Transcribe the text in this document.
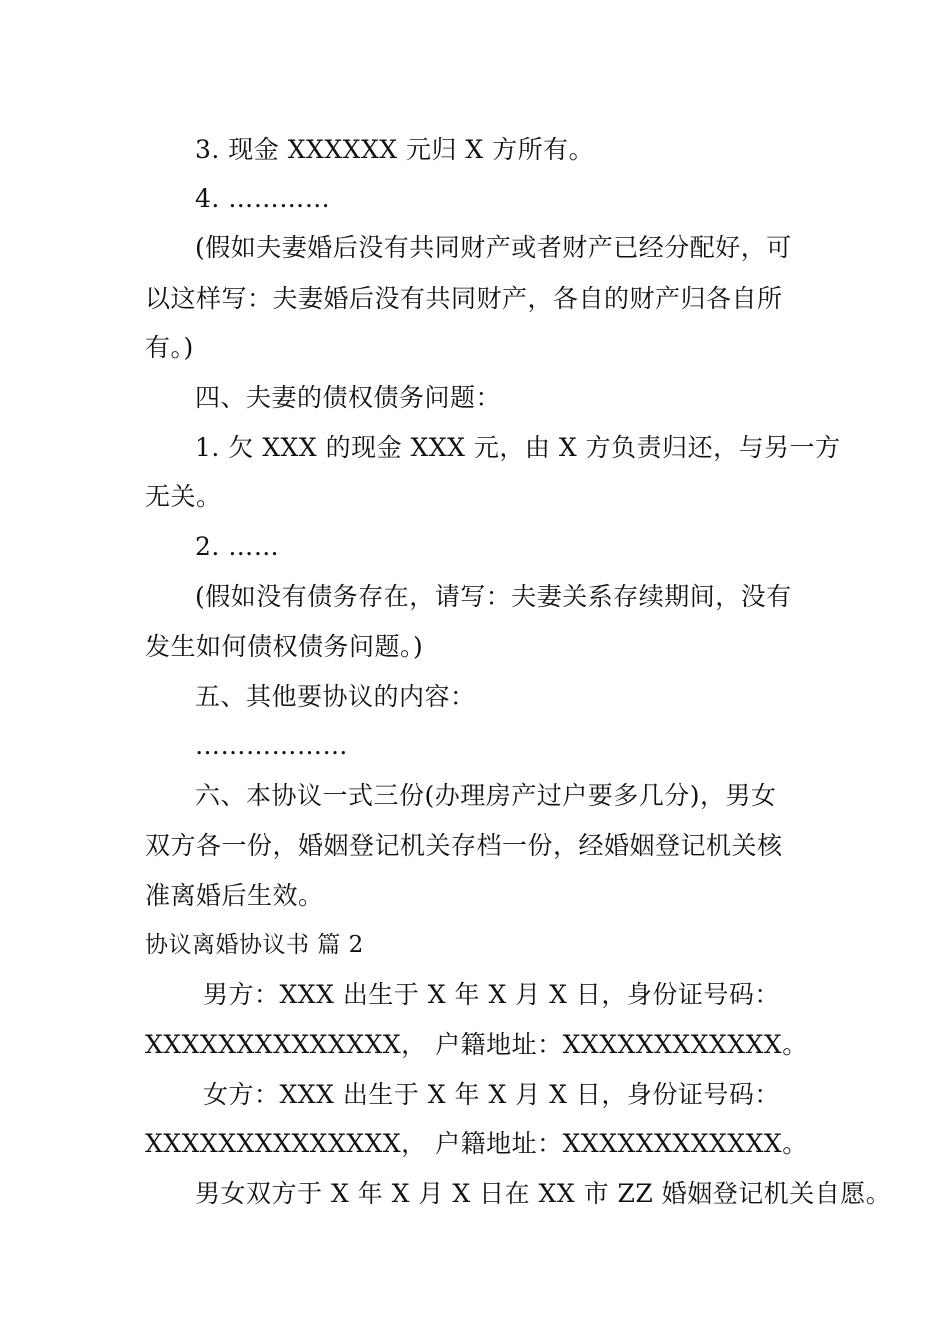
3. 现金 XXXXXX 元归 X 方所有。
4. …………
(假如夫妻婚后没有共同财产或者财产已经分配好，可
以这样写：夫妻婚后没有共同财产，各自的财产归各自所
有。)
四、夫妻的债权债务问题：
1. 欠 XXX 的现金 XXX 元，由 X 方负责归还，与另一方
无关。
2. ……
(假如没有债务存在，请写：夫妻关系存续期间，没有
发生如何债权债务问题。)
五、其他要协议的内容：
………………
六、本协议一式三份(办理房产过户要多几分)，男女
双方各一份，婚姻登记机关存档一份，经婚姻登记机关核
准离婚后生效。
协议离婚协议书 篇 2
男方：XXX 出生于 X 年 X 月 X 日，身份证号码：
XXXXXXXXXXXXXX， 户籍地址：XXXXXXXXXXXX。
女方：XXX 出生于 X 年 X 月 X 日，身份证号码：
XXXXXXXXXXXXXX， 户籍地址：XXXXXXXXXXXX。
男女双方于 X 年 X 月 X 日在 XX 市 ZZ 婚姻登记机关自愿。
